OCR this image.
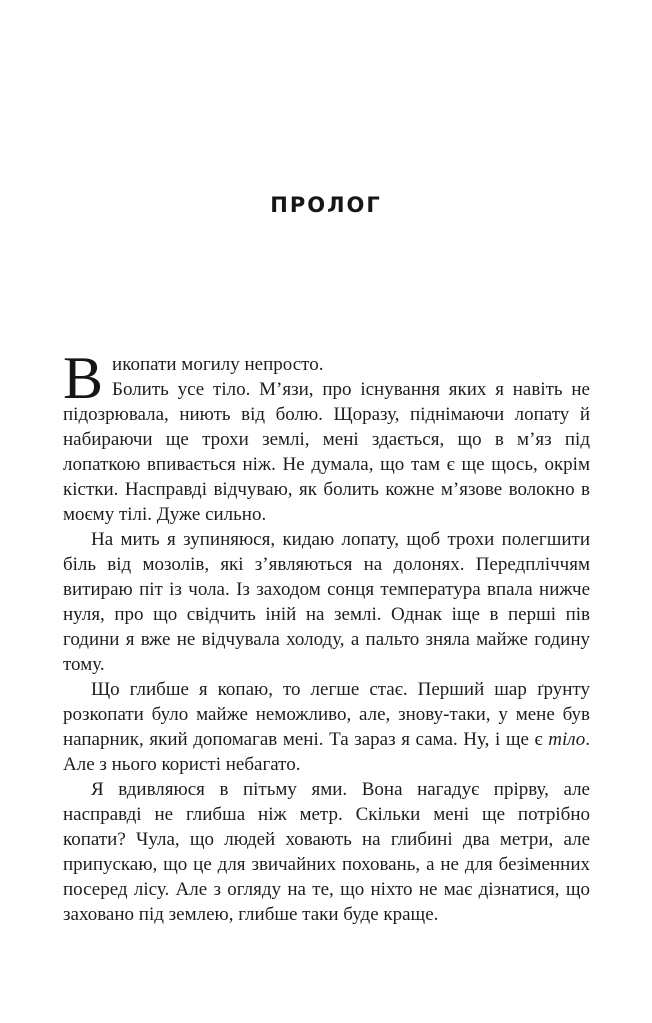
ПРОЛОГ

Викопати могилу непросто.
Болить усе тіло. М’язи, про існування яких я навіть не підозрювала, ниють від болю. Щоразу, піднімаючи лопату й набираючи ще трохи землі, мені здається, що в м’яз під лопаткою впивається ніж. Не думала, що там є ще щось, окрім кістки. Насправді відчуваю, як болить кожне м’язове волокно в моєму тілі. Дуже сильно.

На мить я зупиняюся, кидаю лопату, щоб трохи полегшити біль від мозолів, які з’являються на долонях. Передпліччям витираю піт із чола. Із заходом сонця температура впала нижче нуля, про що свідчить іній на землі. Однак іще в перші пів години я вже не відчувала холоду, а пальто зняла майже годину тому.

Що глибше я копаю, то легше стає. Перший шар ґрунту розкопати було майже неможливо, але, знову-таки, у мене був напарник, який допомагав мені. Та зараз я сама. Ну, і ще є тіло. Але з нього користі небагато.

Я вдивляюся в пітьму ями. Вона нагадує прірву, але насправді не глибша ніж метр. Скільки мені ще потрібно копати? Чула, що людей ховають на глибині два метри, але припускаю, що це для звичайних поховань, а не для безіменних посеред лісу. Але з огляду на те, що ніхто не має дізнатися, що заховано під землею, глибше таки буде краще.
